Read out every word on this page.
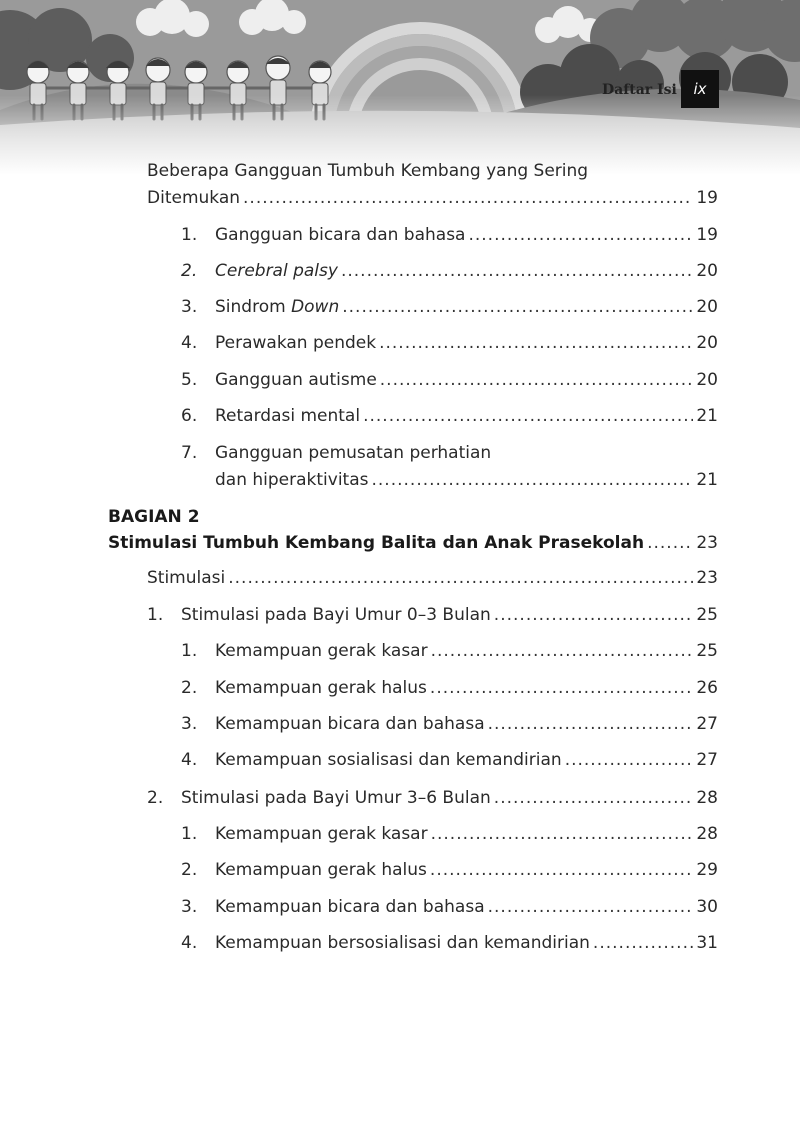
Daftar Isi	ix
Beberapa Gangguan Tumbuh Kembang yang Sering
Ditemukan .....	19
1.	Gangguan bicara dan bahasa .....	19
2.	Cerebral palsy .....	20
3.	Sindrom Down .....	20
4.	Perawakan pendek .....	20
5.	Gangguan autisme .....	20
6.	Retardasi mental .....	21
7. Gangguan pemusatan perhatian
dan hiperaktivitas .....	21
BAGIAN 2
Stimulasi Tumbuh Kembang Balita dan Anak Prasekolah .....	23
Stimulasi .....	23
1.	Stimulasi pada Bayi Umur 0–3 Bulan .....	25
1.	Kemampuan gerak kasar .....	25
2.	Kemampuan gerak halus .....	26
3.	Kemampuan bicara dan bahasa .....	27
4.	Kemampuan sosialisasi dan kemandirian .....	27
2.	Stimulasi pada Bayi Umur 3–6 Bulan .....	28
1.	Kemampuan gerak kasar .....	28
2.	Kemampuan gerak halus .....	29
3.	Kemampuan bicara dan bahasa .....	30
4.	Kemampuan bersosialisasi dan kemandirian .....	31
